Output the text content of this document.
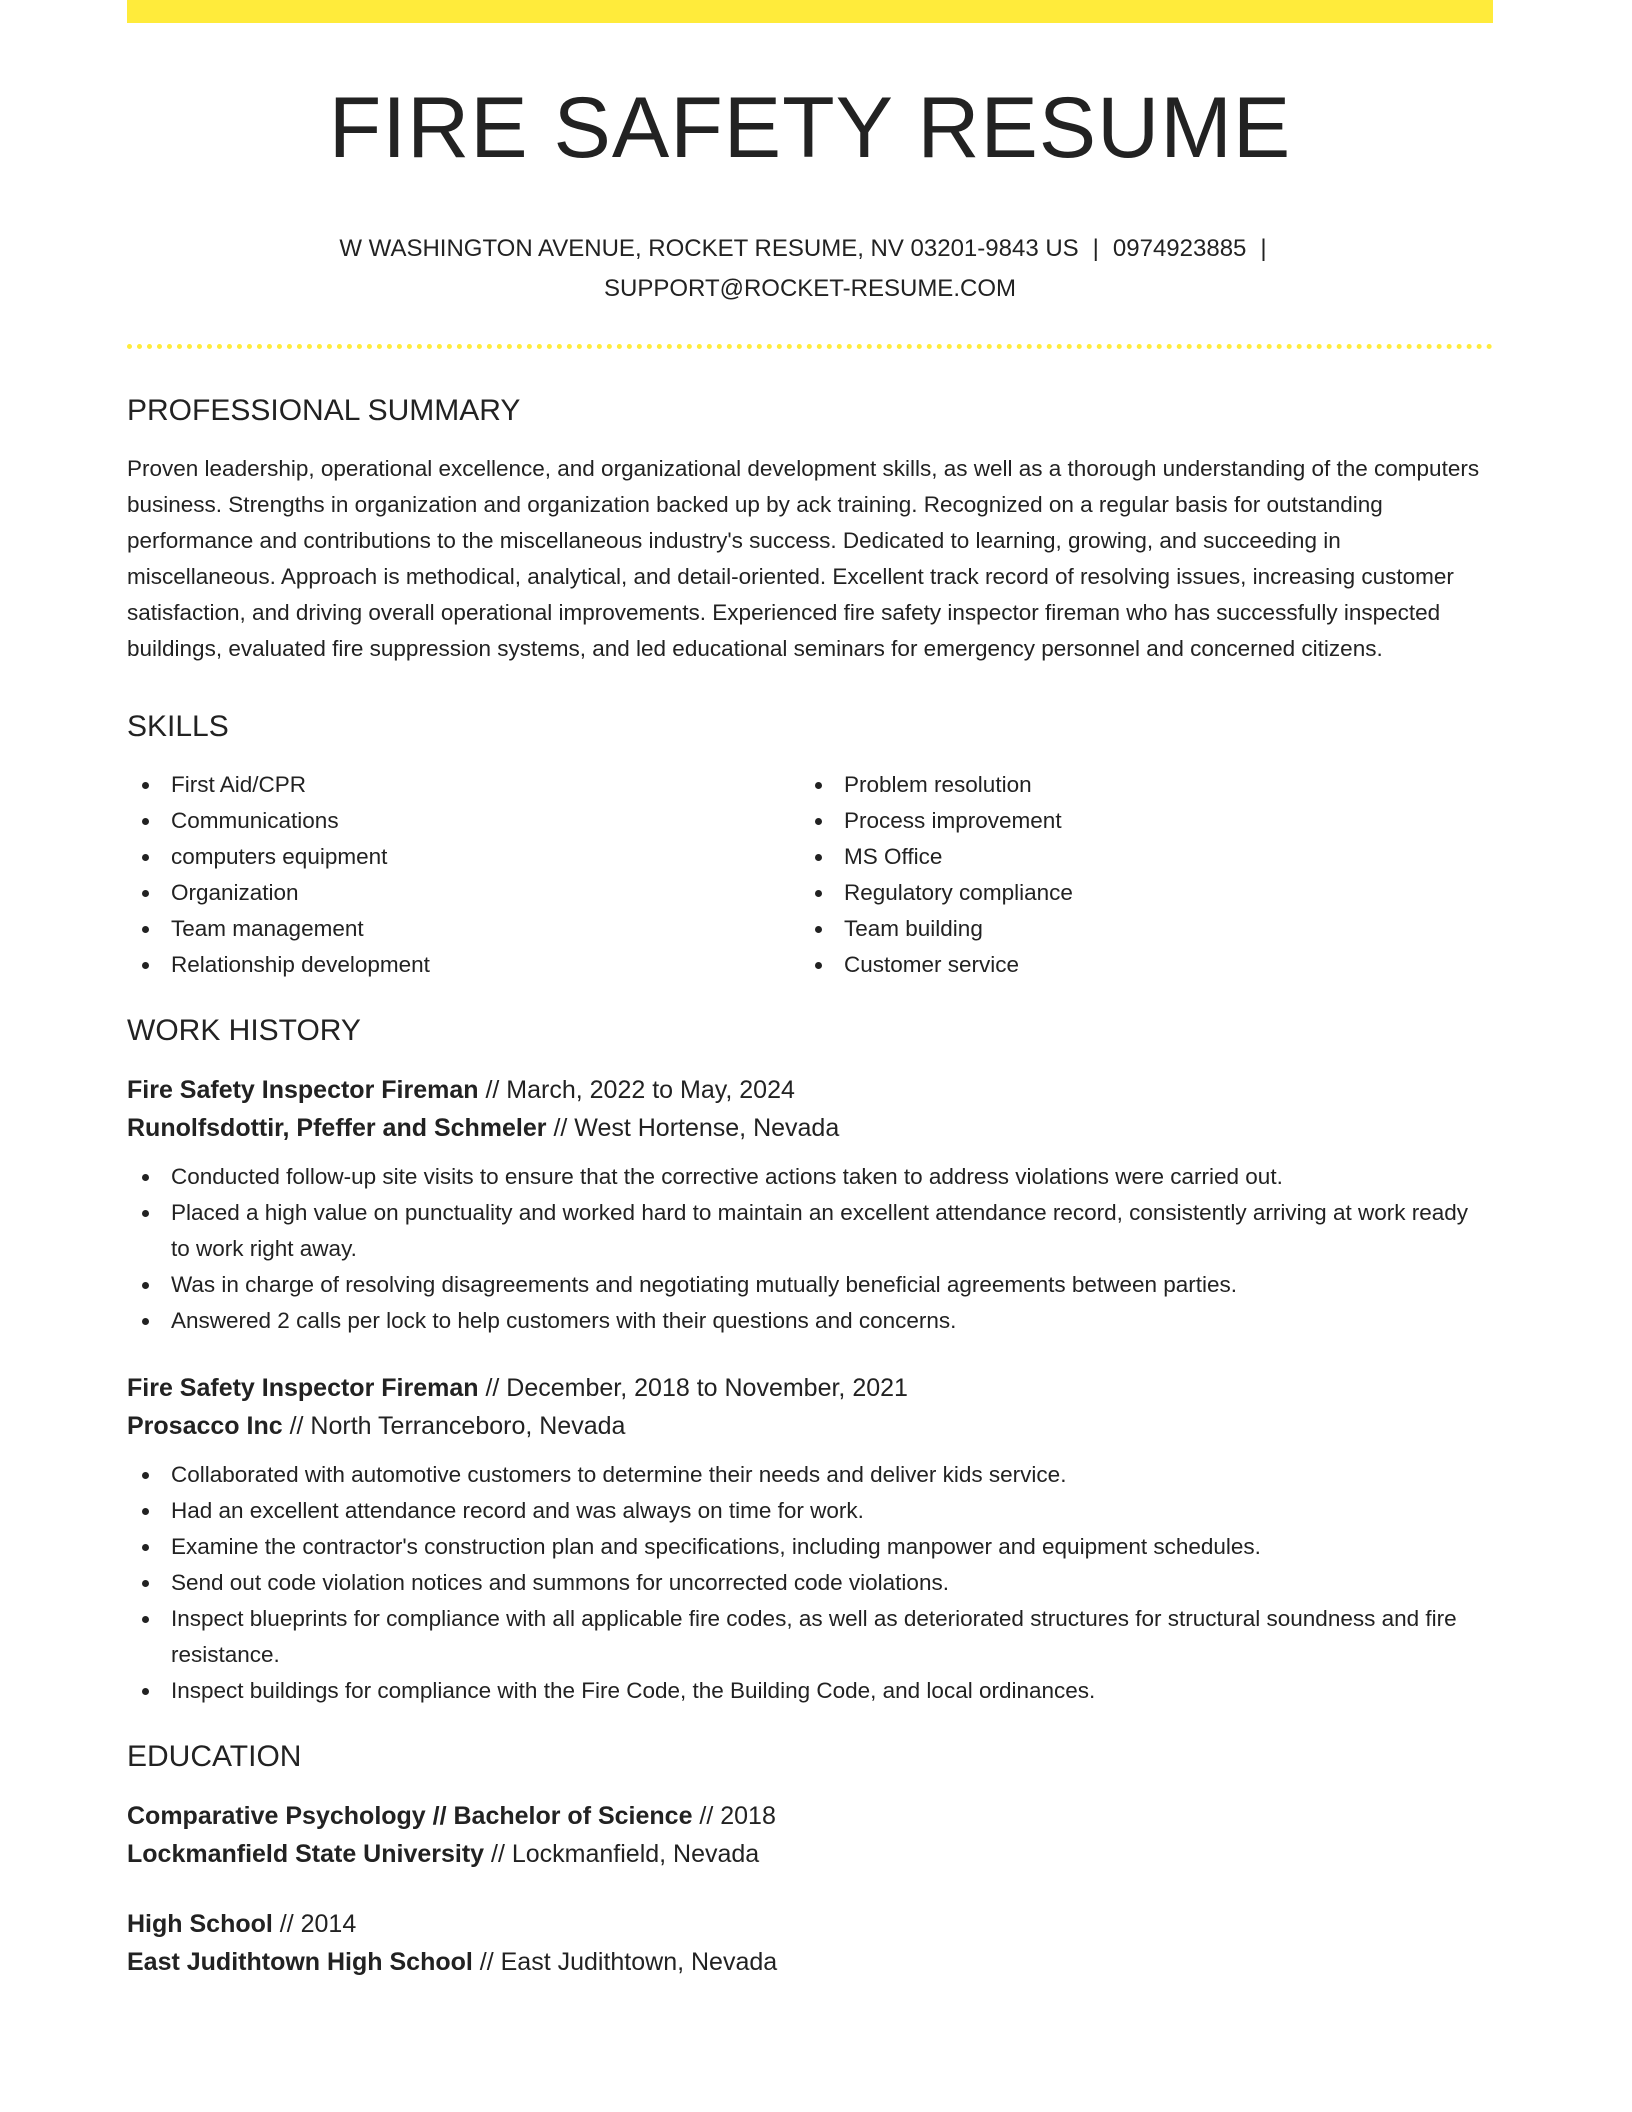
FIRE SAFETY RESUME
W WASHINGTON AVENUE, ROCKET RESUME, NV 03201-9843 US | 0974923885 |
SUPPORT@ROCKET-RESUME.COM
PROFESSIONAL SUMMARY

Proven leadership, operational excellence, and organizational development skills, as well as a thorough understanding of the computers business. Strengths in organization and organization backed up by ack training. Recognized on a regular basis for outstanding performance and contributions to the miscellaneous industry's success. Dedicated to learning, growing, and succeeding in miscellaneous. Approach is methodical, analytical, and detail-oriented. Excellent track record of resolving issues, increasing customer satisfaction, and driving overall operational improvements. Experienced fire safety inspector fireman who has successfully inspected buildings, evaluated fire suppression systems, and led educational seminars for emergency personnel and concerned citizens.

SKILLS
First Aid/CPR
Communications
computers equipment
Organization
Team management
Relationship development
Problem resolution
Process improvement
MS Office
Regulatory compliance
Team building
Customer service
WORK HISTORY
Fire Safety Inspector Fireman // March, 2022 to May, 2024
Runolfsdottir, Pfeffer and Schmeler // West Hortense, Nevada
Conducted follow-up site visits to ensure that the corrective actions taken to address violations were carried out.
Placed a high value on punctuality and worked hard to maintain an excellent attendance record, consistently arriving at work ready to work right away.
Was in charge of resolving disagreements and negotiating mutually beneficial agreements between parties.
Answered 2 calls per lock to help customers with their questions and concerns.
Fire Safety Inspector Fireman // December, 2018 to November, 2021
Prosacco Inc // North Terranceboro, Nevada
Collaborated with automotive customers to determine their needs and deliver kids service.
Had an excellent attendance record and was always on time for work.
Examine the contractor's construction plan and specifications, including manpower and equipment schedules.
Send out code violation notices and summons for uncorrected code violations.
Inspect blueprints for compliance with all applicable fire codes, as well as deteriorated structures for structural soundness and fire resistance.
Inspect buildings for compliance with the Fire Code, the Building Code, and local ordinances.
EDUCATION
Comparative Psychology // Bachelor of Science // 2018
Lockmanfield State University // Lockmanfield, Nevada
High School // 2014
East Judithtown High School // East Judithtown, Nevada
